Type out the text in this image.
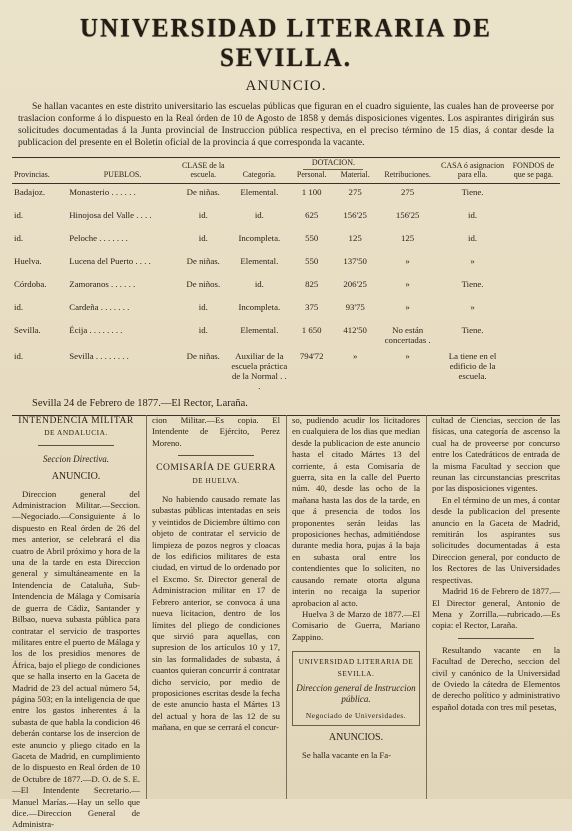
UNIVERSIDAD LITERARIA DE SEVILLA.
ANUNCIO.
Se hallan vacantes en este distrito universitario las escuelas públicas que figuran en el cuadro siguiente, las cuales han de proveerse por traslacion conforme á lo dispuesto en la Real órden de 10 de Agosto de 1858 y demás disposiciones vigentes. Los aspirantes dirigirán sus solicitudes documentadas á la Junta provincial de Instruccion pública respectiva, en el preciso término de 15 dias, á contar desde la publicacion del presente en el Boletin oficial de la provincia á que corresponda la vacante.
Provincias.	PUEBLOS.	CLASE de la escuela.	Categoría.	DOTACION.		Retribuciones.	CASA ó asignacion para ella.	FONDOS de que se paga.
				Personal.	Material.			
Badajoz.	Monasterio . . . . . .	De niñas.	Elemental.	1 100	275	275	Tiene.	
id.	Hinojosa del Valle . . . .	id.	id.	625	156'25	156'25	id.	
id.	Peloche . . . . . . .	id.	Incompleta.	550	125	125	id.	
Huelva.	Lucena del Puerto . . . .	De niñas.	Elemental.	550	137'50	»	»	
Córdoba.	Zamoranos . . . . . .	De niños.	id.	825	206'25	»	Tiene.	
id.	Cardeña . . . . . . .	id.	Incompleta.	375	93'75	»	»	
Sevilla.	Écija . . . . . . . .	id.	Elemental.	1 650	412'50	No están concertadas .	Tiene.	
id.	Sevilla . . . . . . . .	De niñas.	Auxiliar de la escuela práctica de la Normal . . .	794'72	»	»	La tiene en el edificio de la escuela.	
Sevilla 24 de Febrero de 1877.—El Rector, Laraña.
INTENDENCIA MILITAR
DE ANDALUCIA.
Seccion Directiva.
ANUNCIO.
Direccion general del Administracion Militar.—Seccion.—Negociado.—Consiguiente á lo dispuesto en Real órden de 26 del mes anterior, se celebrará el dia cuatro de Abril próximo y hora de la una de la tarde en esta Direccion general y simultáneamente en la Intendencia de Cataluña, Sub-Intendencia de Málaga y Comisaría de guerra de Cádiz, Santander y Bilbao, nueva subasta pública para contratar el servicio de trasportes militares entre el puerto de Málaga y los de los presidios menores de África, bajo el pliego de condiciones que se halla inserto en la Gaceta de Madrid de 23 del actual número 54, página 503; en la inteligencia de que entre los gastos inherentes á la subasta de que habla la condicion 46 deberán contarse los de insercion de este anuncio y pliego citado en la Gaceta de Madrid, en cumplimiento de lo dispuesto en Real órden de 10 de Octubre de 1877.—D. O. de S. E.—El Intendente Secretario.—Manuel Marías.—Hay un sello que dice.—Direccion General de Administra-
cion Militar.—Es copia. El Intendente de Ejército, Perez Moreno.
COMISARÍA DE GUERRA
DE HUELVA.
No habiendo causado remate las subastas públicas intentadas en seis y veintidos de Diciembre último con objeto de contratar el servicio de limpieza de pozos negros y cloacas de los edificios militares de esta ciudad, en virtud de lo ordenado por el Excmo. Sr. Director general de Administracion militar en 17 de Febrero anterior, se convoca á una nueva licitacion, dentro de los límites del pliego de condiciones que sirvió para aquellas, con supresion de los artículos 10 y 17, sin las formalidades de subasta, á cuantos quieran concurrir á contratar dicho servicio, por medio de proposiciones escritas desde la fecha de este anuncio hasta el Mártes 13 del actual y hora de las 12 de su mañana, en que se cerrará el concur-
so, pudiendo acudir los licitadores en cualquiera de los dias que median desde la publicacion de este anuncio hasta el citado Mártes 13 del corriente, á esta Comisaría de guerra, sita en la calle del Puerto núm. 40, desde las ocho de la mañana hasta las dos de la tarde, en que á presencia de todos los proponentes serán leidas las proposiciones hechas, admitiéndose durante media hora, pujas á la baja en subasta oral entre los contendientes que lo soliciten, no causando remate otorta alguna interin no recaiga la superior aprobacion al acto.
Huelva 3 de Marzo de 1877.—El Comisario de Guerra, Mariano Zappino.
UNIVERSIDAD LITERARIA DE SEVILLA.
Direccion general de Instruccion pública.
Negociado de Universidades.
ANUNCIOS.
Se halla vacante en la Fa-
cultad de Ciencias, seccion de las físicas, una categoría de ascenso la cual ha de proveerse por concurso entre los Catedráticos de entrada de la misma Facultad y seccion que reunan las circunstancias prescritas por las disposiciones vigentes.
En el término de un mes, á contar desde la publicacion del presente anuncio en la Gaceta de Madrid, remitirán los aspirantes sus solicitudes documentadas á esta Direccion general, por conducto de los Rectores de las Universidades respectivas.
Madrid 16 de Febrero de 1877.—El Director general, Antonio de Mena y Zorrilla.—rubricado.—Es copia: el Rector, Laraña.
Resultando vacante en la Facultad de Derecho, seccion del civil y canónico de la Universidad de Oviedo la cátedra de Elementos de derecho político y administrativo español dotada con tres mil pesetas,
